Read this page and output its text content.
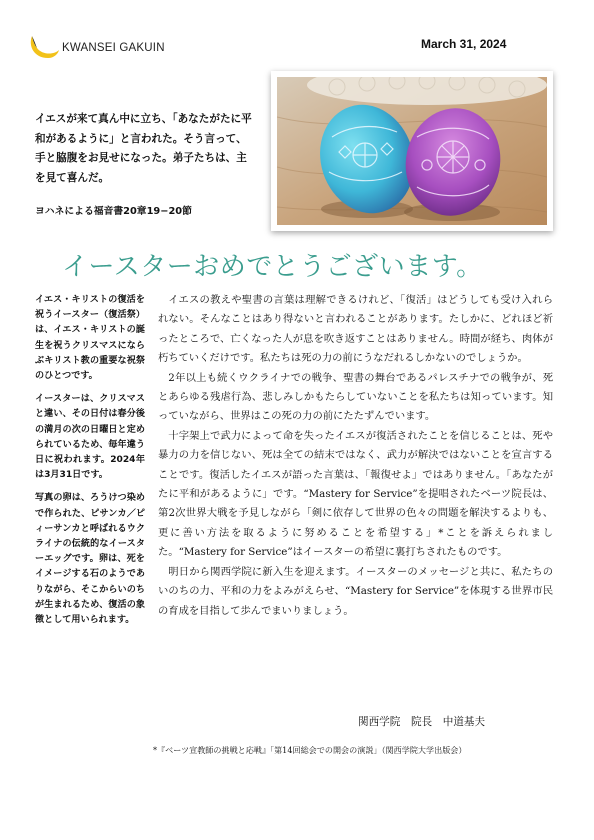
KWANSEI GAKUIN	March 31, 2024
イエスが来て真ん中に立ち、「あなたがたに平和があるように」と言われた。そう言って、手と脇腹をお見せになった。弟子たちは、主を見て喜んだ。
ヨハネによる福音書20章19−20節
イースターおめでとうございます。

イエス・キリストの復活を祝うイースター（復活祭）は、イエス・キリストの誕生を祝うクリスマスにならぶキリスト教の重要な祝祭のひとつです。

イースターは、クリスマスと違い、その日付は春分後の満月の次の日曜日と定められているため、毎年違う日に祝われます。2024年は3月31日です。

写真の卵は、ろうけつ染めで作られた、ピサンカ／ピィーサンカと呼ばれるウクライナの伝統的なイースターエッグです。卵は、死をイメージする石のようでありながら、そこからいのちが生まれるため、復活の象徴として用いられます。

イエスの教えや聖書の言葉は理解できるけれど、「復活」はどうしても受け入れられない。そんなことはあり得ないと言われることがあります。たしかに、どれほど祈ったところで、亡くなった人が息を吹き返すことはありません。時間が経ち、肉体が朽ちていくだけです。私たちは死の力の前にうなだれるしかないのでしょうか。

2年以上も続くウクライナでの戦争、聖書の舞台であるパレスチナでの戦争が、死とあらゆる残虐行為、悲しみしかもたらしていないことを私たちは知っています。知っていながら、世界はこの死の力の前にたたずんでいます。

十字架上で武力によって命を失ったイエスが復活されたことを信じることは、死や暴力の力を信じない、死は全ての結末ではなく、武力が解決ではないことを宣言することです。復活したイエスが語った言葉は、「報復せよ」ではありません。「あなたがたに平和があるように」です。“Mastery for Service”を提唱されたベーツ院長は、第2次世界大戦を予見しながら「剣に依存して世界の色々の問題を解決するよりも、更に善い方法を取るように努めることを希望する」*ことを訴えられました。“Mastery for Service”はイースターの希望に裏打ちされたものです。

明日から関西学院に新入生を迎えます。イースターのメッセージと共に、私たちのいのちの力、平和の力をよみがえらせ、“Mastery for Service”を体現する世界市民の育成を目指して歩んでまいりましょう。

関西学院　院長　中道基夫
*『ベーツ宣教師の挑戦と応戦』「第14回総会での開会の演説」（関西学院大学出版会）
